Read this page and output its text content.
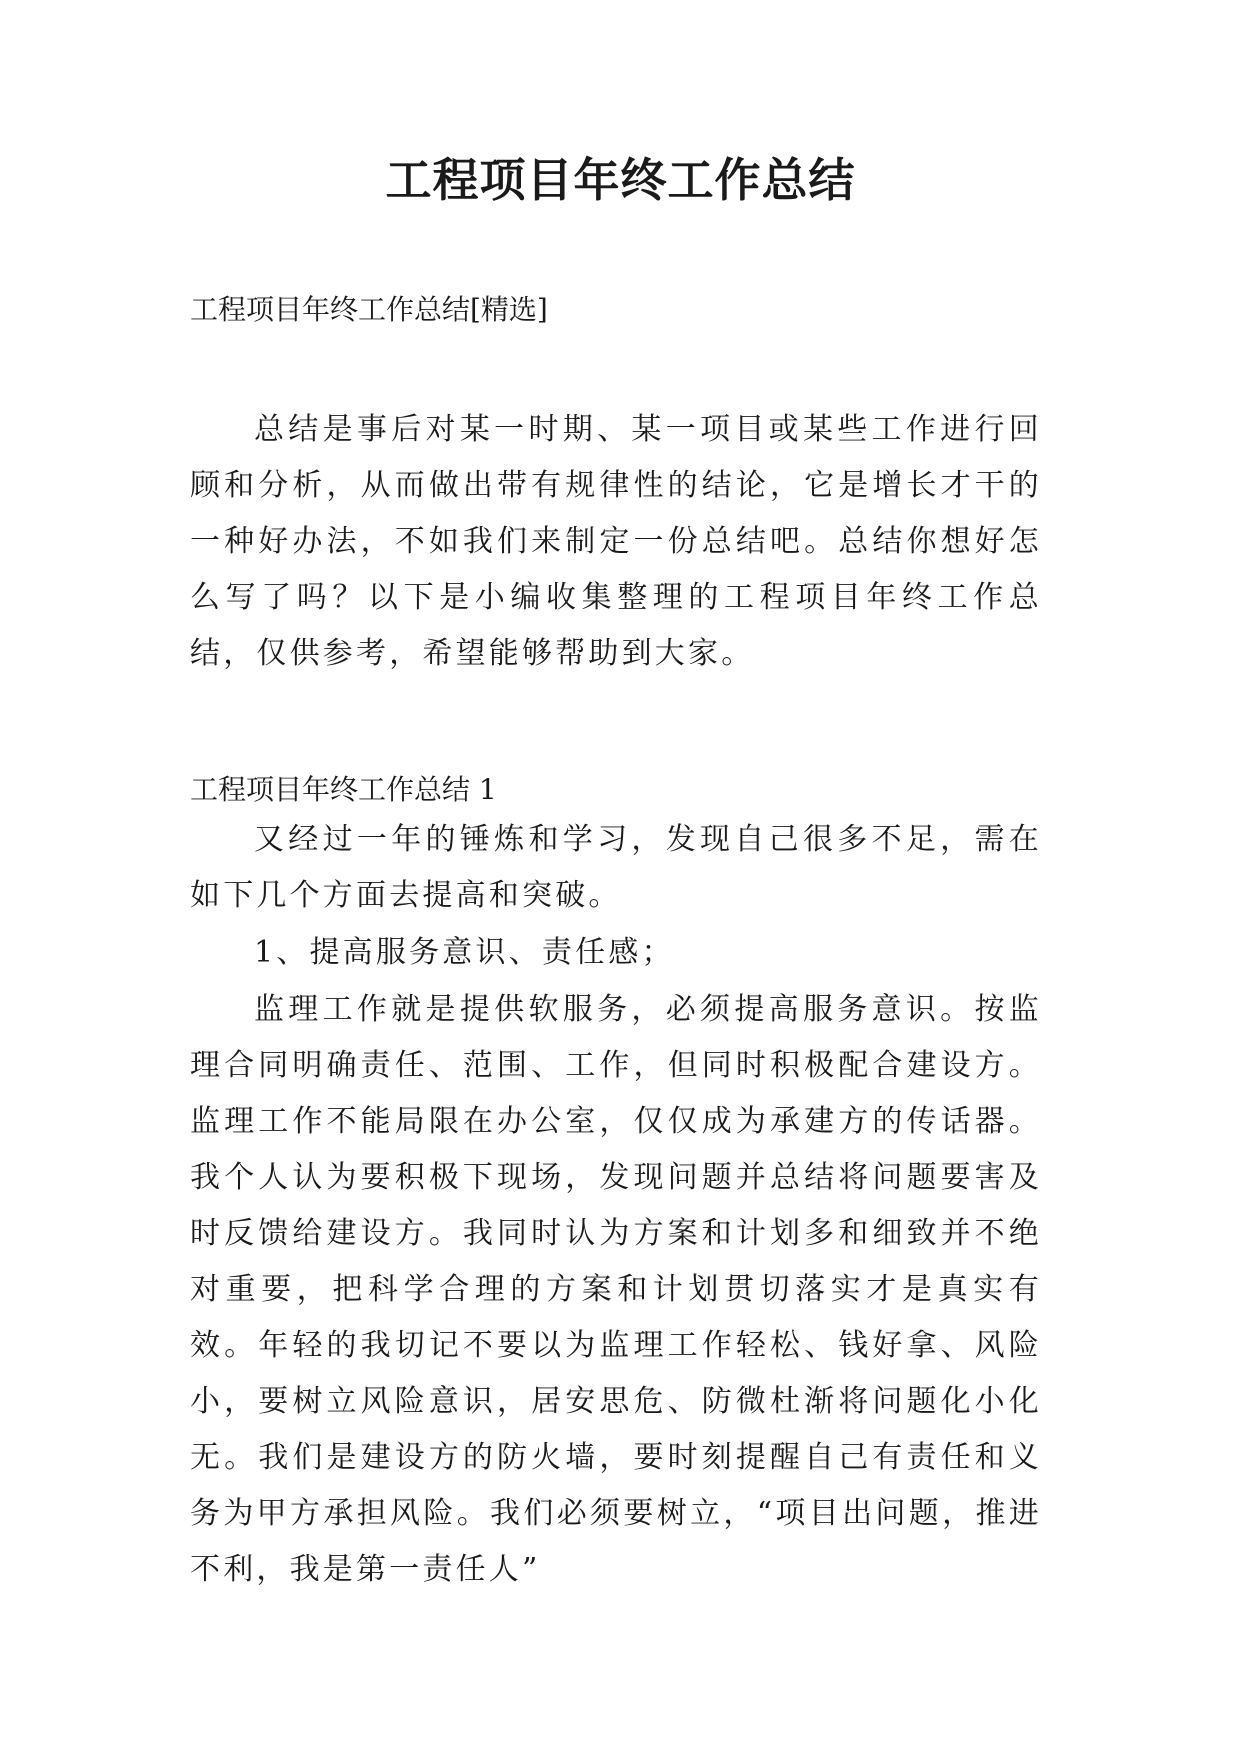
工程项目年终工作总结

工程项目年终工作总结[精选]

总结是事后对某一时期、某一项目或某些工作进行回顾和分析，从而做出带有规律性的结论，它是增长才干的一种好办法，不如我们来制定一份总结吧。总结你想好怎么写了吗？以下是小编收集整理的工程项目年终工作总结，仅供参考，希望能够帮助到大家。

工程项目年终工作总结 1

又经过一年的锤炼和学习，发现自己很多不足，需在如下几个方面去提高和突破。

1、提高服务意识、责任感；

监理工作就是提供软服务，必须提高服务意识。按监理合同明确责任、范围、工作，但同时积极配合建设方。监理工作不能局限在办公室，仅仅成为承建方的传话器。我个人认为要积极下现场，发现问题并总结将问题要害及时反馈给建设方。我同时认为方案和计划多和细致并不绝对重要，把科学合理的方案和计划贯切落实才是真实有效。年轻的我切记不要以为监理工作轻松、钱好拿、风险小，要树立风险意识，居安思危、防微杜渐将问题化小化无。我们是建设方的防火墙，要时刻提醒自己有责任和义务为甲方承担风险。我们必须要树立，“项目出问题，推进不利，我是第一责任人”
